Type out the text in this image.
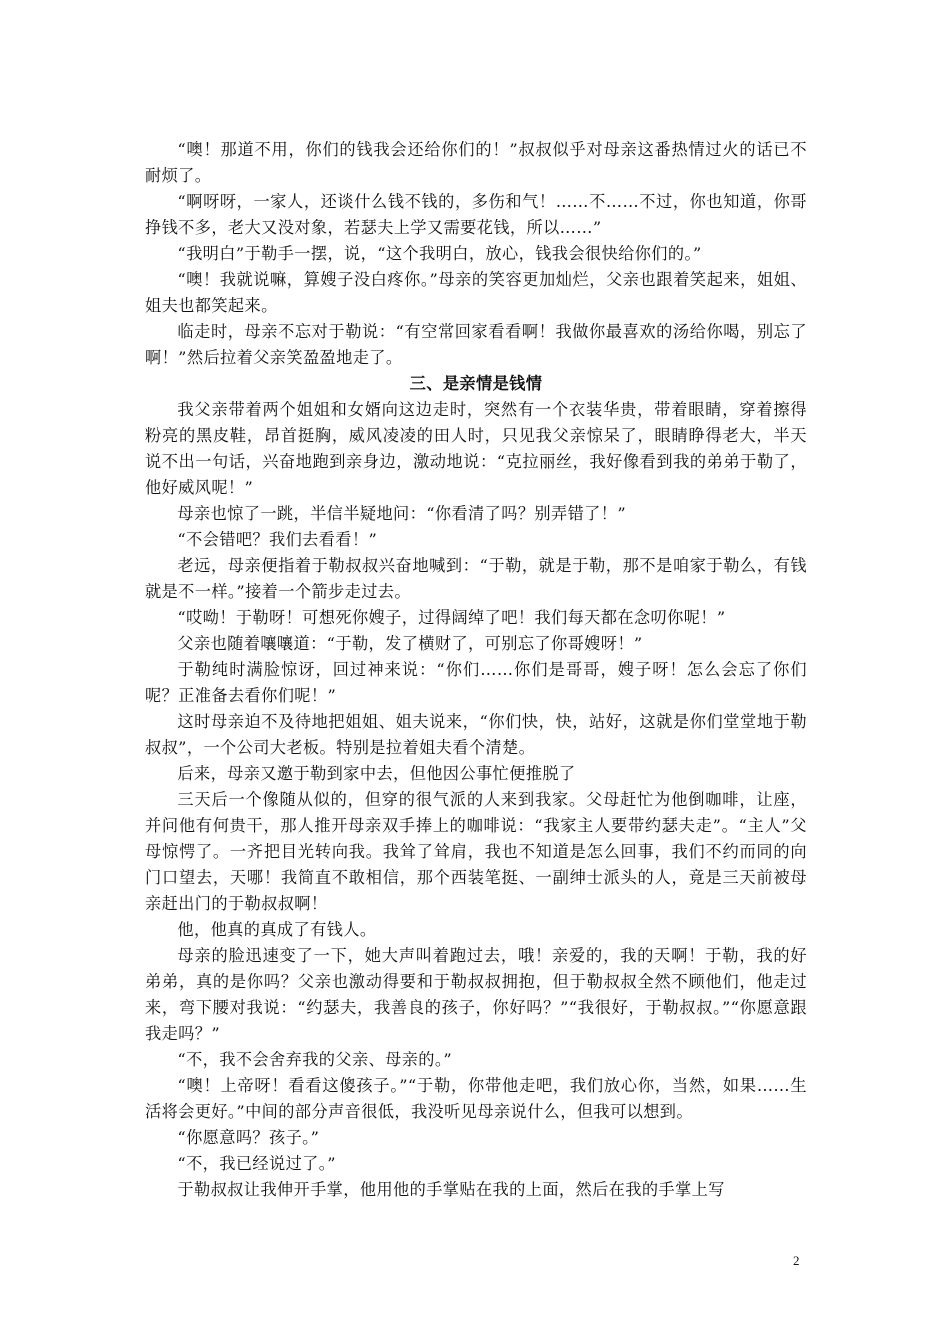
“噢！那道不用，你们的钱我会还给你们的！”叔叔似乎对母亲这番热情过火的话已不耐烦了。

“啊呀呀，一家人，还谈什么钱不钱的，多伤和气！……不……不过，你也知道，你哥挣钱不多，老大又没对象，若瑟夫上学又需要花钱，所以……”

“我明白”于勒手一摆，说，“这个我明白，放心，钱我会很快给你们的。”

“噢！我就说嘛，算嫂子没白疼你。”母亲的笑容更加灿烂，父亲也跟着笑起来，姐姐、姐夫也都笑起来。

临走时，母亲不忘对于勒说：“有空常回家看看啊！我做你最喜欢的汤给你喝，别忘了啊！”然后拉着父亲笑盈盈地走了。

三、是亲情是钱情

我父亲带着两个姐姐和女婿向这边走时，突然有一个衣装华贵，带着眼睛，穿着擦得粉亮的黑皮鞋，昂首挺胸，威风凌凌的田人时，只见我父亲惊呆了，眼睛睁得老大，半天说不出一句话，兴奋地跑到亲身边，激动地说：“克拉丽丝，我好像看到我的弟弟于勒了，他好威风呢！”

母亲也惊了一跳，半信半疑地问：“你看清了吗？别弄错了！”

“不会错吧？我们去看看！”

老远，母亲便指着于勒叔叔兴奋地喊到：“于勒，就是于勒，那不是咱家于勒么，有钱就是不一样。”接着一个箭步走过去。

“哎呦！于勒呀！可想死你嫂子，过得阔绰了吧！我们每天都在念叨你呢！”

父亲也随着嚷嚷道：“于勒，发了横财了，可别忘了你哥嫂呀！”

于勒纯时满脸惊讶，回过神来说：“你们……你们是哥哥，嫂子呀！怎么会忘了你们呢？正准备去看你们呢！”

这时母亲迫不及待地把姐姐、姐夫说来，“你们快，快，站好，这就是你们堂堂地于勒叔叔”，一个公司大老板。特别是拉着姐夫看个清楚。

后来，母亲又邀于勒到家中去，但他因公事忙便推脱了

三天后一个像随从似的，但穿的很气派的人来到我家。父母赶忙为他倒咖啡，让座，并问他有何贵干，那人推开母亲双手捧上的咖啡说：“我家主人要带约瑟夫走”。“主人”父母惊愕了。一齐把目光转向我。我耸了耸肩，我也不知道是怎么回事，我们不约而同的向门口望去，天哪！我简直不敢相信，那个西装笔挺、一副绅士派头的人，竟是三天前被母亲赶出门的于勒叔叔啊！

他，他真的真成了有钱人。

母亲的脸迅速变了一下，她大声叫着跑过去，哦！亲爱的，我的天啊！于勒，我的好弟弟，真的是你吗？父亲也激动得要和于勒叔叔拥抱，但于勒叔叔全然不顾他们，他走过来，弯下腰对我说：“约瑟夫，我善良的孩子，你好吗？”“我很好，于勒叔叔。”“你愿意跟我走吗？”

“不，我不会舍弃我的父亲、母亲的。”

“噢！上帝呀！看看这傻孩子。”“于勒，你带他走吧，我们放心你，当然，如果……生活将会更好。”中间的部分声音很低，我没听见母亲说什么，但我可以想到。

“你愿意吗？孩子。”

“不，我已经说过了。”

于勒叔叔让我伸开手掌，他用他的手掌贴在我的上面，然后在我的手掌上写

2
